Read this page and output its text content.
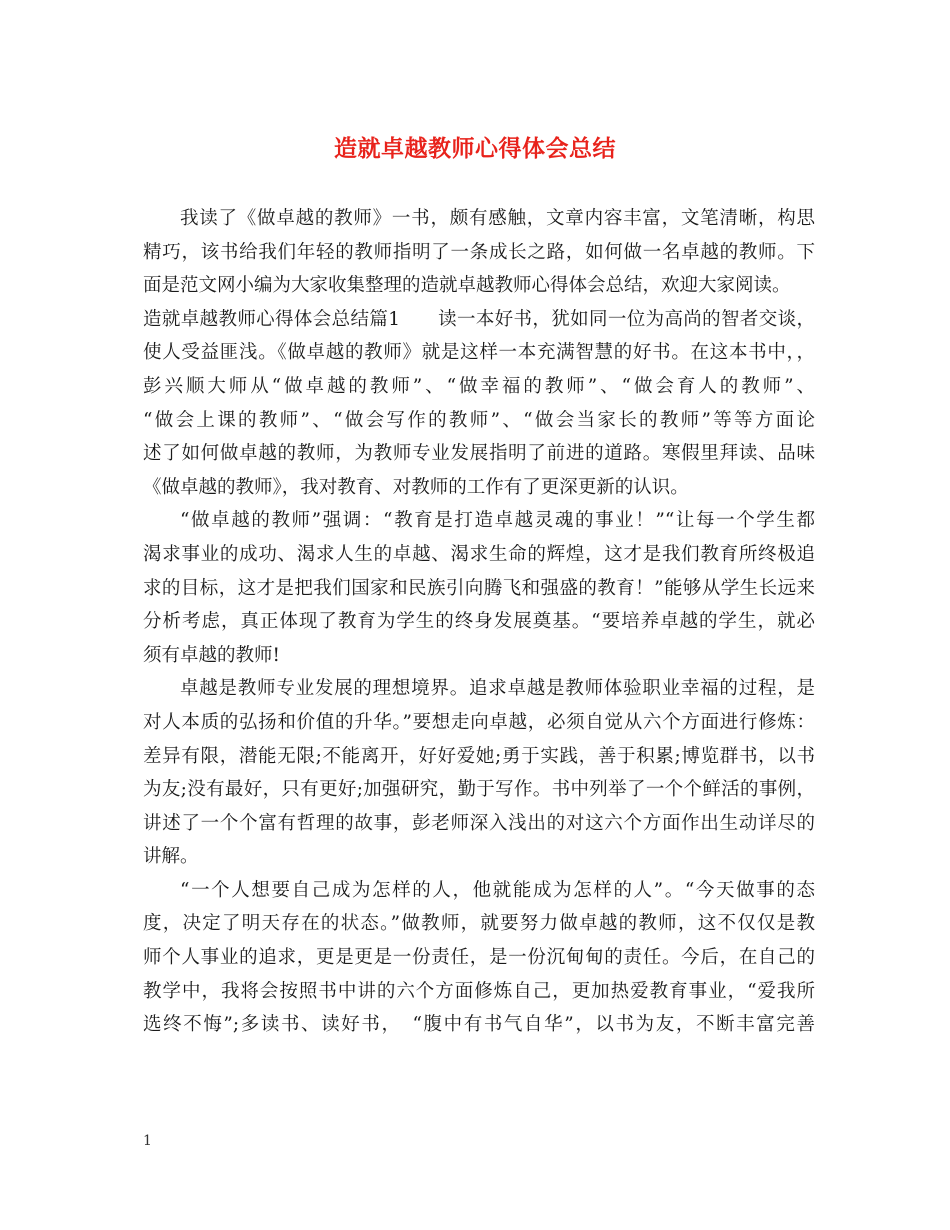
造就卓越教师心得体会总结
我读了《做卓越的教师》一书，颇有感触，文章内容丰富，文笔清晰，构思
精巧，该书给我们年轻的教师指明了一条成长之路，如何做一名卓越的教师。下
面是范文网小编为大家收集整理的造就卓越教师心得体会总结，欢迎大家阅读。
造就卓越教师心得体会总结篇1　　读一本好书，犹如同一位为高尚的智者交谈，
使人受益匪浅。《做卓越的教师》就是这样一本充满智慧的好书。在这本书中，，
彭兴顺大师从“做卓越的教师”、“做幸福的教师”、“做会育人的教师”、
“做会上课的教师”、“做会写作的教师”、“做会当家长的教师”等等方面论
述了如何做卓越的教师，为教师专业发展指明了前进的道路。寒假里拜读、品味
《做卓越的教师》，我对教育、对教师的工作有了更深更新的认识。
“做卓越的教师”强调：“教育是打造卓越灵魂的事业！”“让每一个学生都
渴求事业的成功、渴求人生的卓越、渴求生命的辉煌，这才是我们教育所终极追
求的目标，这才是把我们国家和民族引向腾飞和强盛的教育！”能够从学生长远来
分析考虑，真正体现了教育为学生的终身发展奠基。“要培养卓越的学生，就必
须有卓越的教师!
卓越是教师专业发展的理想境界。追求卓越是教师体验职业幸福的过程，是
对人本质的弘扬和价值的升华。”要想走向卓越，必须自觉从六个方面进行修炼：
差异有限，潜能无限;不能离开，好好爱她;勇于实践，善于积累;博览群书，以书
为友;没有最好，只有更好;加强研究，勤于写作。书中列举了一个个鲜活的事例，
讲述了一个个富有哲理的故事，彭老师深入浅出的对这六个方面作出生动详尽的
讲解。
“一个人想要自己成为怎样的人，他就能成为怎样的人”。“今天做事的态
度，决定了明天存在的状态。”做教师，就要努力做卓越的教师，这不仅仅是教
师个人事业的追求，更是更是一份责任，是一份沉甸甸的责任。今后，在自己的
教学中，我将会按照书中讲的六个方面修炼自己，更加热爱教育事业，“爱我所
选终不悔”;多读书、读好书，　“腹中有书气自华”，以书为友，不断丰富完善
1
